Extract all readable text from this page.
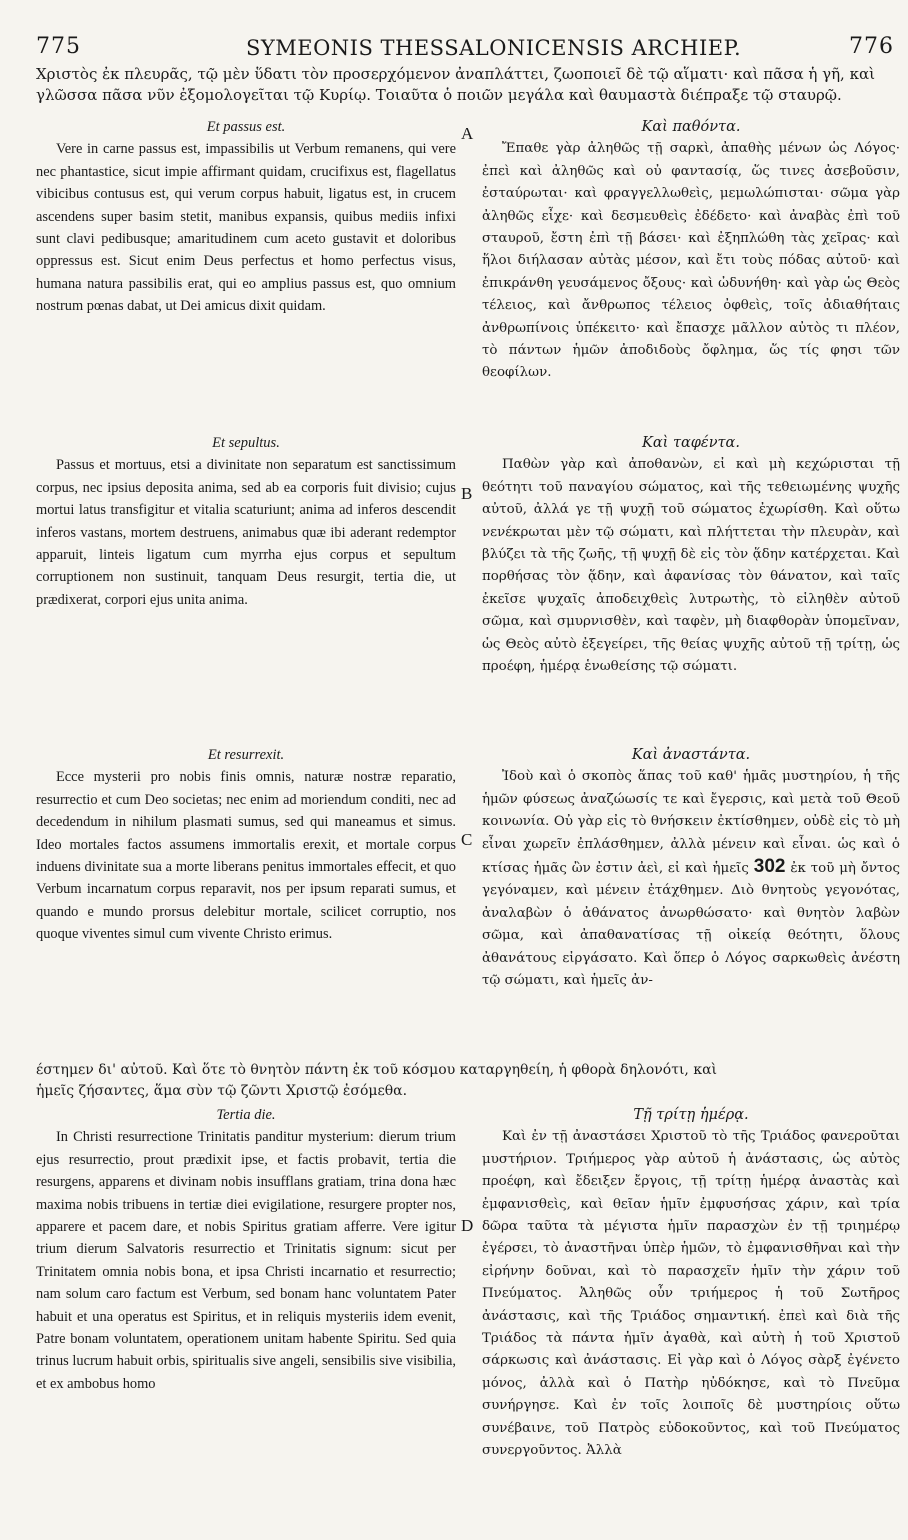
775	SYMEONIS THESSALONICENSIS ARCHIEP.	776
Χριστὸς ἐκ πλευρᾶς, τῷ μὲν ὕδατι τὸν προσερχόμενον ἀναπλάττει, ζωοποιεῖ δὲ τῷ αἵματι· καὶ πᾶσα ἡ γῆ, καὶ
γλῶσσα πᾶσα νῦν ἐξομολογεῖται τῷ Κυρίῳ. Τοιαῦτα ὁ ποιῶν μεγάλα καὶ θαυμαστὰ διέπραξε τῷ σταυρῷ.
A
B
C
D
Et passus est.

Vere in carne passus est, impassibilis ut Verbum remanens, qui vere nec phantastice, sicut impie affirmant quidam, crucifixus est, flagellatus vibicibus contusus est, qui verum corpus habuit, ligatus est, in crucem ascendens super basim stetit, manibus expansis, quibus mediis infixi sunt clavi pedibusque; amaritudinem cum aceto gustavit et doloribus oppressus est. Sicut enim Deus perfectus et homo perfectus visus, humana natura passibilis erat, qui eo amplius passus est, quo omnium nostrum pœnas dabat, ut Dei amicus dixit quidam.

Καὶ παθόντα.

Ἔπαθε γὰρ ἀληθῶς τῇ σαρκὶ, ἀπαθὴς μένων ὡς Λόγος· ἐπεὶ καὶ ἀληθῶς καὶ οὐ φαντασίᾳ, ὥς τινες ἀσεβοῦσιν, ἐσταύρωται· καὶ φραγγελλωθεὶς, μεμωλώπισται· σῶμα γὰρ ἀληθῶς εἶχε· καὶ δεσμευθεὶς ἐδέδετο· καὶ ἀναβὰς ἐπὶ τοῦ σταυροῦ, ἔστη ἐπὶ τῇ βάσει· καὶ ἐξηπλώθη τὰς χεῖρας· καὶ ἥλοι διήλασαν αὐτὰς μέσον, καὶ ἔτι τοὺς πόδας αὐτοῦ· καὶ ἐπικράνθη γευσάμενος ὄξους· καὶ ὠδυνήθη· καὶ γὰρ ὡς Θεὸς τέλειος, καὶ ἄνθρωπος τέλειος ὀφθεὶς, τοῖς ἀδιαθήταις ἀνθρωπίνοις ὑπέκειτο· καὶ ἔπασχε μᾶλλον αὐτὸς τι πλέον, τὸ πάντων ἡμῶν ἀποδιδοὺς ὄφλημα, ὥς τίς φησι τῶν θεοφίλων.

Et sepultus.

Passus et mortuus, etsi a divinitate non separatum est sanctissimum corpus, nec ipsius deposita anima, sed ab ea corporis fuit divisio; cujus mortui latus transfigitur et vitalia scaturiunt; anima ad inferos descendit inferos vastans, mortem destruens, animabus quæ ibi aderant redemptor apparuit, linteis ligatum cum myrrha ejus corpus et sepultum corruptionem non sustinuit, tanquam Deus resurgit, tertia die, ut prædixerat, corpori ejus unita anima.

Καὶ ταφέντα.

Παθὼν γὰρ καὶ ἀποθανὼν, εἰ καὶ μὴ κεχώρισται τῇ θεότητι τοῦ παναγίου σώματος, καὶ τῆς τεθειωμένης ψυχῆς αὐτοῦ, ἀλλά γε τῇ ψυχῇ τοῦ σώματος ἐχωρίσθη. Καὶ οὕτω νενέκρωται μὲν τῷ σώματι, καὶ πλήττεται τὴν πλευρὰν, καὶ βλύζει τὰ τῆς ζωῆς, τῇ ψυχῇ δὲ εἰς τὸν ᾅδην κατέρχεται. Καὶ πορθήσας τὸν ᾅδην, καὶ ἀφανίσας τὸν θάνατον, καὶ ταῖς ἐκεῖσε ψυχαῖς ἀποδειχθεὶς λυτρωτὴς, τὸ εἱληθὲν αὐτοῦ σῶμα, καὶ σμυρνισθὲν, καὶ ταφὲν, μὴ διαφθορὰν ὑπομεῖναν, ὡς Θεὸς αὐτὸ ἐξεγείρει, τῆς θείας ψυχῆς αὐτοῦ τῇ τρίτῃ, ὡς προέφη, ἡμέρᾳ ἑνωθείσης τῷ σώματι.

Et resurrexit.

Ecce mysterii pro nobis finis omnis, naturæ nostræ reparatio, resurrectio et cum Deo societas; nec enim ad moriendum conditi, nec ad decedendum in nihilum plasmati sumus, sed qui maneamus et simus. Ideo mortales factos assumens immortalis erexit, et mortale corpus induens divinitate sua a morte liberans penitus immortales effecit, et quo Verbum incarnatum corpus reparavit, nos per ipsum reparati sumus, et quando e mundo prorsus delebitur mortale, scilicet corruptio, nos quoque viventes simul cum vivente Christo erimus.

Καὶ ἀναστάντα.

Ἰδοὺ καὶ ὁ σκοπὸς ἅπας τοῦ καθ' ἡμᾶς μυστηρίου, ἡ τῆς ἡμῶν φύσεως ἀναζώωσίς τε καὶ ἔγερσις, καὶ μετὰ τοῦ Θεοῦ κοινωνία. Οὐ γὰρ εἰς τὸ θνήσκειν ἐκτίσθημεν, οὐδὲ εἰς τὸ μὴ εἶναι χωρεῖν ἐπλάσθημεν, ἀλλὰ μένειν καὶ εἶναι. ὡς καὶ ὁ κτίσας ἡμᾶς ὢν ἐστιν ἀεὶ, εἰ καὶ ἡμεῖς 302 ἐκ τοῦ μὴ ὄντος γεγόναμεν, καὶ μένειν ἐτάχθημεν. Διὸ θνητοὺς γεγονότας, ἀναλαβὼν ὁ ἀθάνατος ἀνωρθώσατο· καὶ θνητὸν λαβὼν σῶμα, καὶ ἀπαθανατίσας τῇ οἰκείᾳ θεότητι, ὅλους ἀθανάτους εἰργάσατο. Καὶ ὅπερ ὁ Λόγος σαρκωθεὶς ἀνέστη τῷ σώματι, καὶ ἡμεῖς ἀν-

έστημεν δι' αὐτοῦ. Καὶ ὅτε τὸ θνητὸν πάντη ἐκ τοῦ κόσμου καταργηθείη, ἡ φθορὰ δηλονότι, καὶ
ἡμεῖς ζήσαντες, ἅμα σὺν τῷ ζῶντι Χριστῷ ἐσόμεθα.
Tertia die.

In Christi resurrectione Trinitatis panditur mysterium: dierum trium ejus resurrectio, prout prædixit ipse, et factis probavit, tertia die resurgens, apparens et divinam nobis insufflans gratiam, trina dona hæc maxima nobis tribuens in tertiæ diei evigilatione, resurgere propter nos, apparere et pacem dare, et nobis Spiritus gratiam afferre. Vere igitur trium dierum Salvatoris resurrectio et Trinitatis signum: sicut per Trinitatem omnia nobis bona, et ipsa Christi incarnatio et resurrectio; nam solum caro factum est Verbum, sed bonam hanc voluntatem Pater habuit et una operatus est Spiritus, et in reliquis mysteriis idem evenit, Patre bonam voluntatem, operationem unitam habente Spiritu. Sed quia trinus lucrum habuit orbis, spiritualis sive angeli, sensibilis sive visibilia, et ex ambobus homo

Τῇ τρίτῃ ἡμέρᾳ.

Καὶ ἐν τῇ ἀναστάσει Χριστοῦ τὸ τῆς Τριάδος φανεροῦται μυστήριον. Τριήμερος γὰρ αὐτοῦ ἡ ἀνάστασις, ὡς αὐτὸς προέφη, καὶ ἔδειξεν ἔργοις, τῇ τρίτῃ ἡμέρᾳ ἀναστὰς καὶ ἐμφανισθεὶς, καὶ θεῖαν ἡμῖν ἐμφυσήσας χάριν, καὶ τρία δῶρα ταῦτα τὰ μέγιστα ἡμῖν παρασχὼν ἐν τῇ τριημέρῳ ἐγέρσει, τὸ ἀναστῆναι ὑπὲρ ἡμῶν, τὸ ἐμφανισθῆναι καὶ τὴν εἰρήνην δοῦναι, καὶ τὸ παρασχεῖν ἡμῖν τὴν χάριν τοῦ Πνεύματος. Ἀληθῶς οὖν τριήμερος ἡ τοῦ Σωτῆρος ἀνάστασις, καὶ τῆς Τριάδος σημαντική. ἐπεὶ καὶ διὰ τῆς Τριάδος τὰ πάντα ἡμῖν ἀγαθὰ, καὶ αὐτὴ ἡ τοῦ Χριστοῦ σάρκωσις καὶ ἀνάστασις. Εἰ γὰρ καὶ ὁ Λόγος σὰρξ ἐγένετο μόνος, ἀλλὰ καὶ ὁ Πατὴρ ηὐδόκησε, καὶ τὸ Πνεῦμα συνήργησε. Καὶ ἐν τοῖς λοιποῖς δὲ μυστηρίοις οὕτω συνέβαινε, τοῦ Πατρὸς εὐδοκοῦντος, καὶ τοῦ Πνεύματος συνεργοῦντος. Ἀλλὰ
